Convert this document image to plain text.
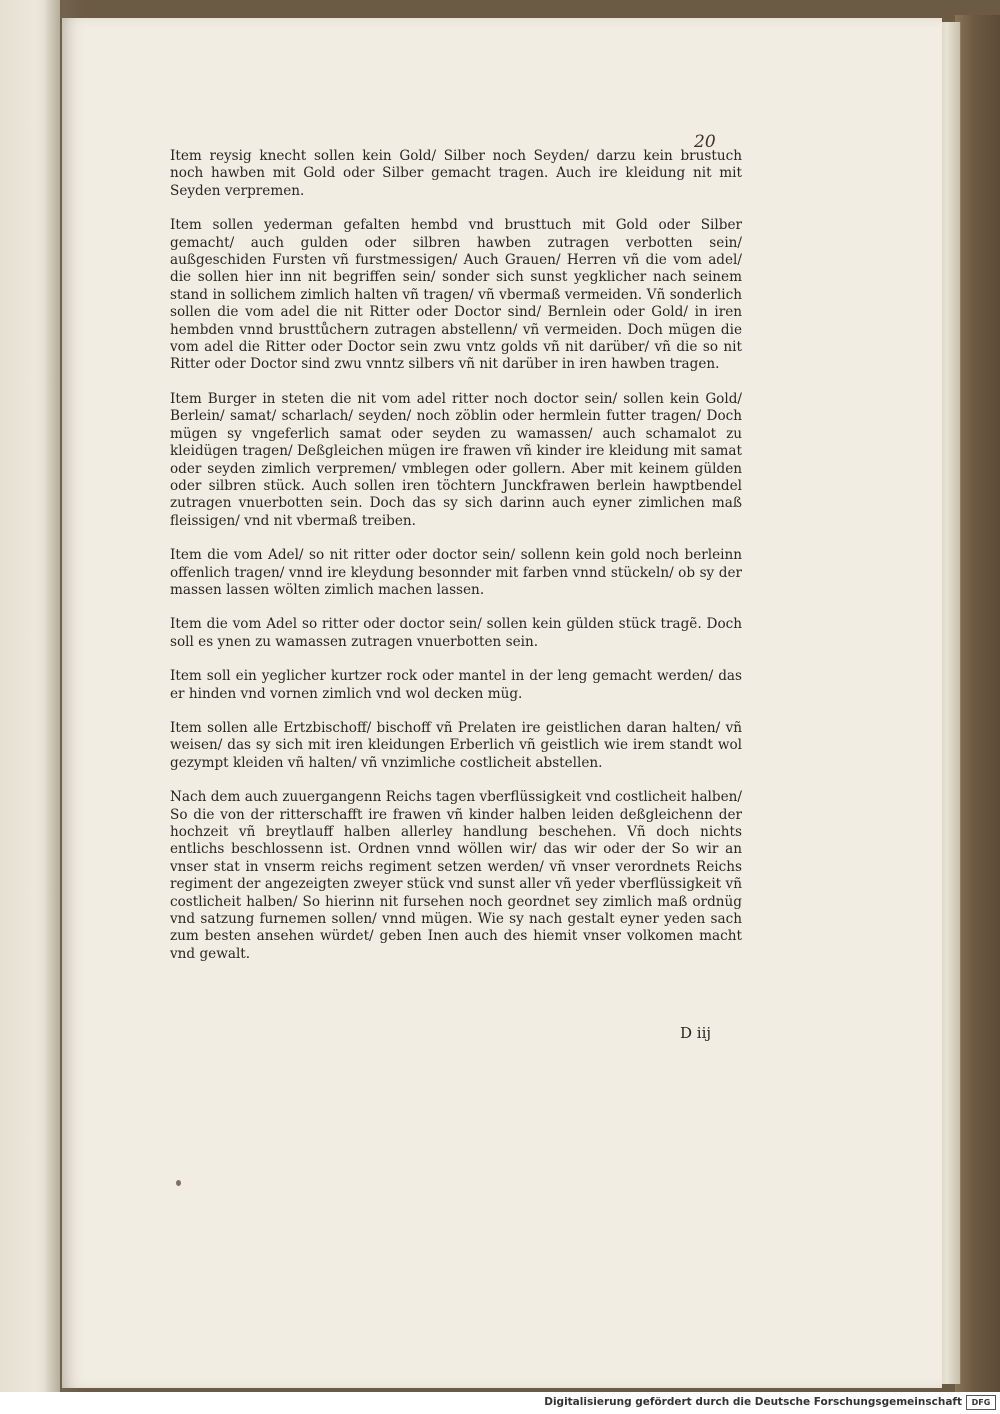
20

Item reysig knecht sollen kein Gold/ Silber noch Seyden/ darzu kein brustuch noch hawben mit Gold oder Silber gemacht tragen. Auch ire kleidung nit mit Seyden verpremen.

Item sollen yederman gefalten hembd vnd brusttuch mit Gold oder Silber gemacht/ auch gulden oder silbren hawben zutragen verbotten sein/ außgeschiden Fursten vñ furstmessigen/ Auch Grauen/ Herren vñ die vom adel/ die sollen hier inn nit begriffen sein/ sonder sich sunst yegklicher nach seinem stand in sollichem zimlich halten vñ tragen/ vñ vbermaß vermeiden. Vñ sonderlich sollen die vom adel die nit Ritter oder Doctor sind/ Bernlein oder Gold/ in iren hembden vnnd brusttůchern zutragen abstellenn/ vñ vermeiden. Doch mügen die vom adel die Ritter oder Doctor sein zwu vntz golds vñ nit darüber/ vñ die so nit Ritter oder Doctor sind zwu vnntz silbers vñ nit darüber in iren hawben tragen.

Item Burger in steten die nit vom adel ritter noch doctor sein/ sollen kein Gold/ Berlein/ samat/ scharlach/ seyden/ noch zöblin oder hermlein futter tragen/ Doch mügen sy vngeferlich samat oder seyden zu wamassen/ auch schamalot zu kleidügen tragen/ Deßgleichen mügen ire frawen vñ kinder ire kleidung mit samat oder seyden zimlich verpremen/ vmblegen oder gollern. Aber mit keinem gülden oder silbren stück. Auch sollen iren töchtern Junckfrawen berlein hawptbendel zutragen vnuerbotten sein. Doch das sy sich darinn auch eyner zimlichen maß fleissigen/ vnd nit vbermaß treiben.

Item die vom Adel/ so nit ritter oder doctor sein/ sollenn kein gold noch berleinn offenlich tragen/ vnnd ire kleydung besonnder mit farben vnnd stückeln/ ob sy der massen lassen wölten zimlich machen lassen.

Item die vom Adel so ritter oder doctor sein/ sollen kein gülden stück tragẽ. Doch soll es ynen zu wamassen zutragen vnuerbotten sein.

Item soll ein yeglicher kurtzer rock oder mantel in der leng gemacht werden/ das er hinden vnd vornen zimlich vnd wol decken müg.

Item sollen alle Ertzbischoff/ bischoff vñ Prelaten ire geistlichen daran halten/ vñ weisen/ das sy sich mit iren kleidungen Erberlich vñ geistlich wie irem standt wol gezympt kleiden vñ halten/ vñ vnzimliche costlicheit abstellen.

Nach dem auch zuuergangenn Reichs tagen vberflüssigkeit vnd costlicheit halben/ So die von der ritterschafft ire frawen vñ kinder halben leiden deßgleichenn der hochzeit vñ breytlauff halben allerley handlung beschehen. Vñ doch nichts entlichs beschlossenn ist. Ordnen vnnd wöllen wir/ das wir oder der So wir an vnser stat in vnserm reichs regiment setzen werden/ vñ vnser verordnets Reichs regiment der angezeigten zweyer stück vnd sunst aller vñ yeder vberflüssigkeit vñ costlicheit halben/ So hierinn nit fursehen noch geordnet sey zimlich maß ordnüg vnd satzung furnemen sollen/ vnnd mügen. Wie sy nach gestalt eyner yeden sach zum besten ansehen würdet/ geben Inen auch des hiemit vnser volkomen macht vnd gewalt.

D iij
Digitalisierung gefördert durch die Deutsche Forschungsgemeinschaft	DFG
